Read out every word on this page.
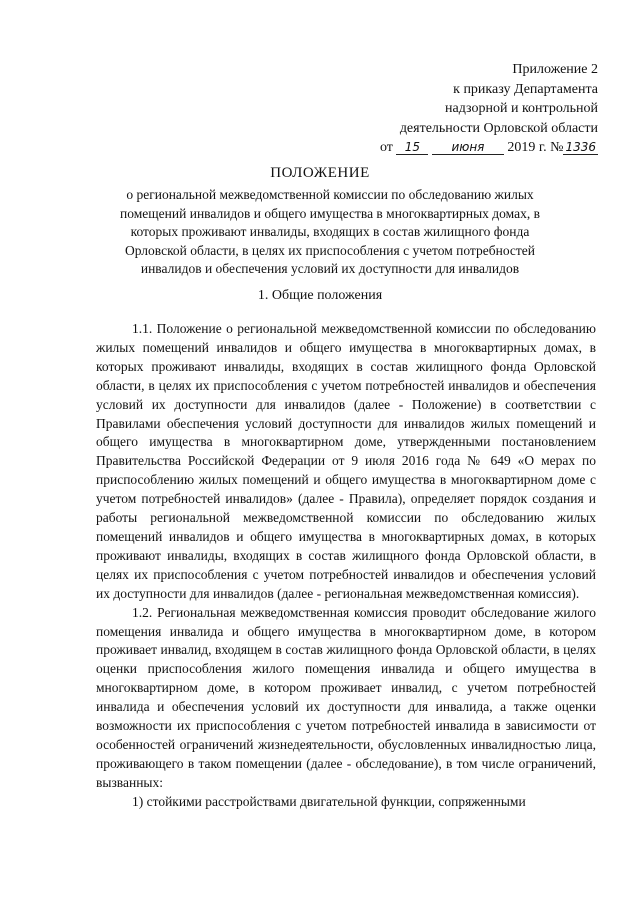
Приложение 2
к приказу Департамента
надзорной и контрольной
деятельности Орловской области
от 15	июня 2019 г. № 1336
ПОЛОЖЕНИЕ
о региональной межведомственной комиссии по обследованию жилых помещений инвалидов и общего имущества в многоквартирных домах, в которых проживают инвалиды, входящих в состав жилищного фонда Орловской области, в целях их приспособления с учетом потребностей инвалидов и обеспечения условий их доступности для инвалидов
1. Общие положения

1.1. Положение о региональной межведомственной комиссии по обследованию жилых помещений инвалидов и общего имущества в многоквартирных домах, в которых проживают инвалиды, входящих в состав жилищного фонда Орловской области, в целях их приспособления с учетом потребностей инвалидов и обеспечения условий их доступности для инвалидов (далее - Положение) в соответствии с Правилами обеспечения условий доступности для инвалидов жилых помещений и общего имущества в многоквартирном доме, утвержденными постановлением Правительства Российской Федерации от 9 июля 2016 года № 649 «О мерах по приспособлению жилых помещений и общего имущества в многоквартирном доме с учетом потребностей инвалидов» (далее - Правила), определяет порядок создания и работы региональной межведомственной комиссии по обследованию жилых помещений инвалидов и общего имущества в многоквартирных домах, в которых проживают инвалиды, входящих в состав жилищного фонда Орловской области, в целях их приспособления с учетом потребностей инвалидов и обеспечения условий их доступности для инвалидов (далее - региональная межведомственная комиссия).

1.2. Региональная межведомственная комиссия проводит обследование жилого помещения инвалида и общего имущества в многоквартирном доме, в котором проживает инвалид, входящем в состав жилищного фонда Орловской области, в целях оценки приспособления жилого помещения инвалида и общего имущества в многоквартирном доме, в котором проживает инвалид, с учетом потребностей инвалида и обеспечения условий их доступности для инвалида, а также оценки возможности их приспособления с учетом потребностей инвалида в зависимости от особенностей ограничений жизнедеятельности, обусловленных инвалидностью лица, проживающего в таком помещении (далее - обследование), в том числе ограничений, вызванных:

1) стойкими расстройствами двигательной функции, сопряженными
